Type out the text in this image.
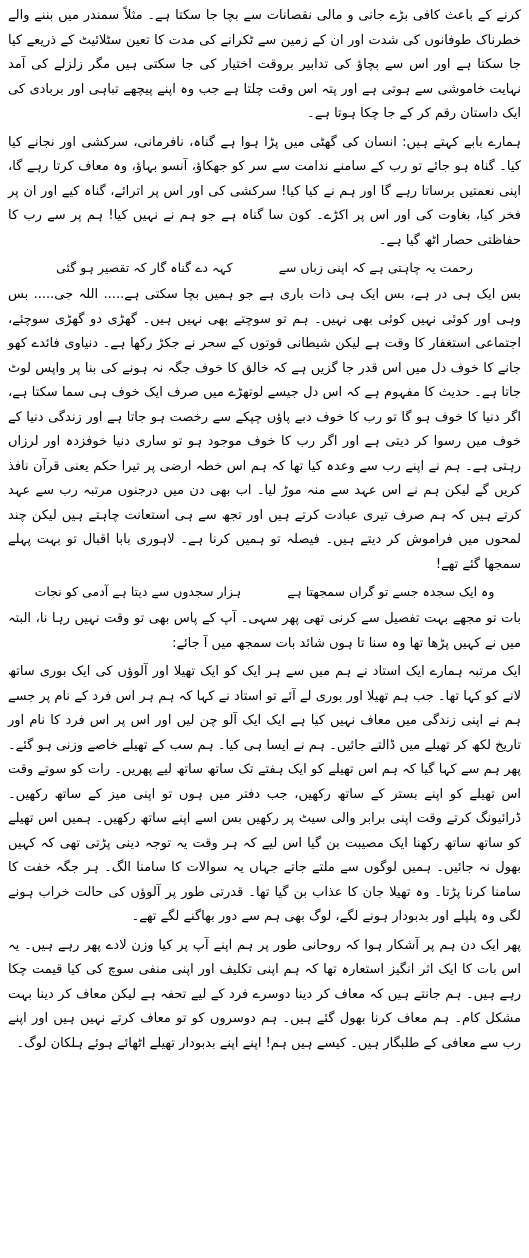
کرنے کے باعث کافی بڑے جانی و مالی نقصانات سے بچا جا سکتا ہے۔ مثلاً سمندر میں بننے والے خطرناک طوفانوں کی شدت اور ان کے زمین سے ٹکرانے کی مدت کا تعین سٹلائیٹ کے ذریعے کیا جا سکتا ہے اور اس سے بچاؤ کی تدابیر بروقت اختیار کی جا سکتی ہیں مگر زلزلے کی آمد نہایت خاموشی سے ہوتی ہے اور پتہ اس وقت چلتا ہے جب وہ اپنے پیچھے تباہی اور بربادی کی ایک داستان رقم کر کے جا چکا ہوتا ہے۔

ہمارے بابے کہتے ہیں: انسان کی گھٹی میں پڑا ہوا ہے گناہ، نافرمانی، سرکشی اور نجانے کیا کیا۔ گناہ ہو جائے تو رب کے سامنے ندامت سے سر کو جھکاؤ، آنسو بہاؤ، وہ معاف کرتا رہے گا، اپنی نعمتیں برساتا رہے گا اور ہم نے کیا کیا! سرکشی کی اور اس پر اترائے، گناہ کیے اور ان پر فخر کیا، بغاوت کی اور اس پر اکڑے۔ کون سا گناہ ہے جو ہم نے نہیں کیا! ہم پر سے رب کا حفاظتی حصار اٹھ گیا ہے۔

رحمت یہ چاہتی ہے کہ اپنی زباں سے
کہہ دے گناہ گار کہ تقصیر ہو گئی

بس ایک ہی در ہے، بس ایک ہی ذات باری ہے جو ہمیں بچا سکتی ہے..... اللہ جی..... بس وہی اور کوئی نہیں کوئی بھی نہیں۔ ہم تو سوچتے بھی نہیں ہیں۔ گھڑی دو گھڑی سوچئے، اجتماعی استغفار کا وقت ہے لیکن شیطانی قوتوں کے سحر نے جکڑ رکھا ہے۔ دنیاوی فائدے کھو جانے کا خوف دل میں اس قدر جا گزیں ہے کہ خالق کا خوف جگہ نہ ہونے کی بنا پر واپس لوٹ جاتا ہے۔ حدیث کا مفہوم ہے کہ اس دل جیسے لوتھڑے میں صرف ایک خوف ہی سما سکتا ہے، اگر دنیا کا خوف ہو گا تو رب کا خوف دبے پاؤں چپکے سے رخصت ہو جاتا ہے اور زندگی دنیا کے خوف میں رسوا کر دیتی ہے اور اگر رب کا خوف موجود ہو تو ساری دنیا خوفزدہ اور لرزاں رہتی ہے۔ ہم نے اپنے رب سے وعدہ کیا تھا کہ ہم اس خطہ ارضی پر تیرا حکم یعنی قرآن نافذ کریں گے لیکن ہم نے اس عہد سے منہ موڑ لیا۔ اب بھی دن میں درجنوں مرتبہ رب سے عہد کرتے ہیں کہ ہم صرف تیری عبادت کرتے ہیں اور تجھ سے ہی استعانت چاہتے ہیں لیکن چند لمحوں میں فراموش کر دیتے ہیں۔ فیصلہ تو ہمیں کرنا ہے۔ لاہوری بابا اقبال تو بہت پہلے سمجھا گئے تھے!

وہ ایک سجدہ جسے تو گراں سمجھتا ہے
ہزار سجدوں سے دیتا ہے آدمی کو نجات

بات تو مجھے بہت تفصیل سے کرنی تھی پھر سہی۔ آپ کے پاس بھی تو وقت نہیں رہا نا، البتہ میں نے کہیں پڑھا تھا وہ سنا تا ہوں شائد بات سمجھ میں آ جائے:

ایک مرتبہ ہمارے ایک استاد نے ہم میں سے ہر ایک کو ایک تھیلا اور آلوؤں کی ایک بوری ساتھ لانے کو کہا تھا۔ جب ہم تھیلا اور بوری لے آئے تو استاد نے کہا کہ ہم ہر اس فرد کے نام پر جسے ہم نے اپنی زندگی میں معاف نہیں کیا ہے ایک ایک آلو چن لیں اور اس پر اس فرد کا نام اور تاریخ لکھ کر تھیلے میں ڈالتے جائیں۔ ہم نے ایسا ہی کیا۔ ہم سب کے تھیلے خاصے وزنی ہو گئے۔ پھر ہم سے کہا گیا کہ ہم اس تھیلے کو ایک ہفتے تک ساتھ ساتھ لیے پھریں۔ رات کو سوتے وقت اس تھیلے کو اپنے بستر کے ساتھ رکھیں، جب دفتر میں ہوں تو اپنی میز کے ساتھ رکھیں۔ ڈرائیونگ کرتے وقت اپنی برابر والی سیٹ پر رکھیں بس اسے اپنے ساتھ رکھیں۔ ہمیں اس تھیلے کو ساتھ ساتھ رکھنا ایک مصیبت بن گیا اس لیے کہ ہر وقت یہ توجہ دینی پڑتی تھی کہ کہیں بھول نہ جائیں۔ ہمیں لوگوں سے ملتے جاتے جہاں یہ سوالات کا سامنا الگ۔ ہر جگہ خفت کا سامنا کرنا پڑتا۔ وہ تھیلا جان کا عذاب بن گیا تھا۔ قدرتی طور پر آلوؤں کی حالت خراب ہونے لگی وہ پلپلے اور بدبودار ہونے لگے، لوگ بھی ہم سے دور بھاگنے لگے تھے۔

پھر ایک دن ہم پر آشکار ہوا کہ روحانی طور پر ہم اپنے آپ پر کیا وزن لادے پھر رہے ہیں۔ یہ اس بات کا ایک اثر انگیز استعارہ تھا کہ ہم اپنی تکلیف اور اپنی منفی سوچ کی کیا قیمت چکا رہے ہیں۔ ہم جانتے ہیں کہ معاف کر دینا دوسرے فرد کے لیے تحفہ ہے لیکن معاف کر دینا بہت مشکل کام۔ ہم معاف کرنا بھول گئے ہیں۔ ہم دوسروں کو تو معاف کرتے نہیں ہیں اور اپنے رب سے معافی کے طلبگار ہیں۔ کیسے ہیں ہم! اپنے اپنے بدبودار تھیلے اٹھائے ہوئے ہلکان لوگ۔
